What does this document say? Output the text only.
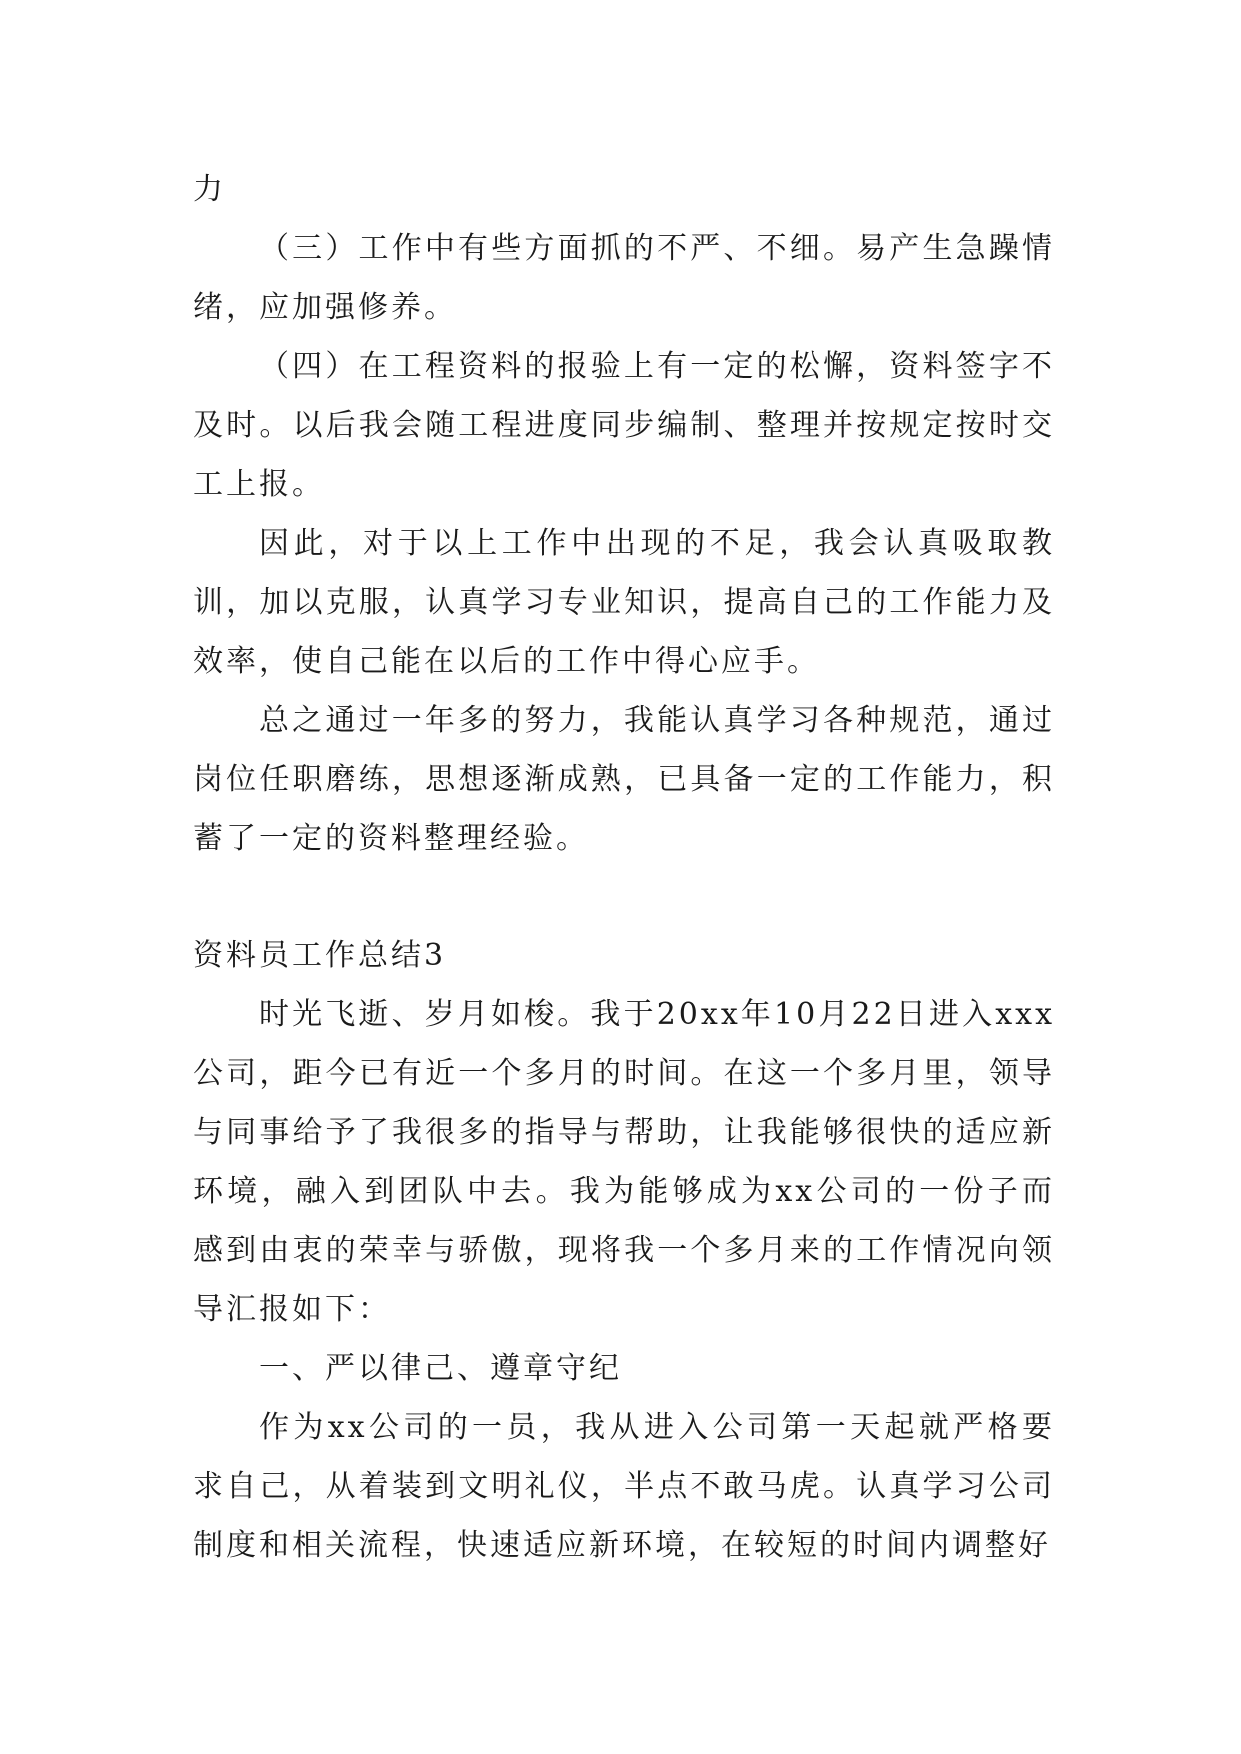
力

（三）工作中有些方面抓的不严、不细。易产生急躁情绪，应加强修养。

（四）在工程资料的报验上有一定的松懈，资料签字不及时。以后我会随工程进度同步编制、整理并按规定按时交工上报。

因此，对于以上工作中出现的不足，我会认真吸取教训，加以克服，认真学习专业知识，提高自己的工作能力及效率，使自己能在以后的工作中得心应手。

总之通过一年多的努力，我能认真学习各种规范，通过岗位任职磨练，思想逐渐成熟，已具备一定的工作能力，积蓄了一定的资料整理经验。

资料员工作总结3

时光飞逝、岁月如梭。我于20xx年10月22日进入xxx公司，距今已有近一个多月的时间。在这一个多月里，领导与同事给予了我很多的指导与帮助，让我能够很快的适应新环境，融入到团队中去。我为能够成为xx公司的一份子而感到由衷的荣幸与骄傲，现将我一个多月来的工作情况向领导汇报如下：

一、严以律己、遵章守纪

作为xx公司的一员，我从进入公司第一天起就严格要求自己，从着装到文明礼仪，半点不敢马虎。认真学习公司制度和相关流程，快速适应新环境，在较短的时间内调整好
